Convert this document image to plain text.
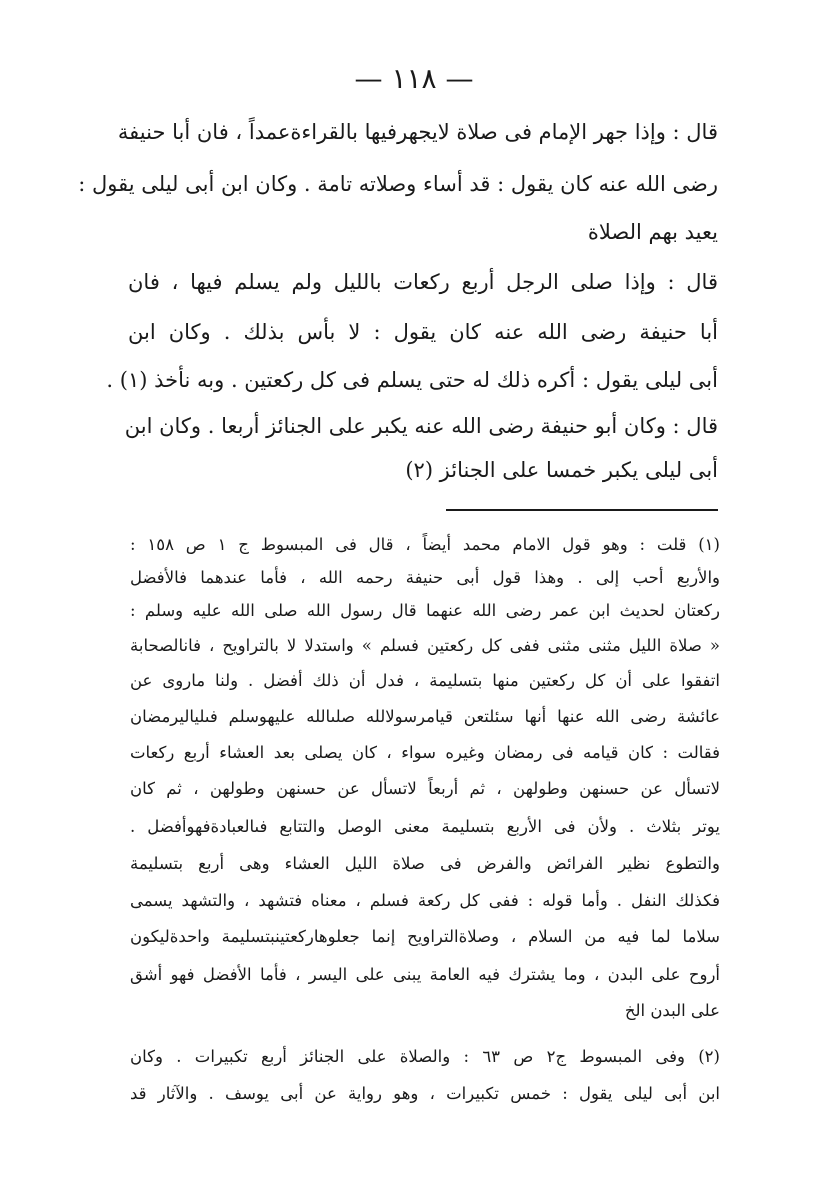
— ١١٨ —
قال : وإذا جهر الإمام فى صلاة لايجهرفيها بالقراءةعمداً ، فان أبا حنيفة
رضى الله عنه كان يقول : قد أساء وصلاته تامة . وكان ابن أبى ليلى يقول :
يعيد بهم الصلاة
قال : وإذا صلى الرجل أربع ركعات بالليل ولم يسلم فيها ، فان
أبا حنيفة رضى الله عنه كان يقول : لا بأس بذلك . وكان ابن
أبى ليلى يقول : أكره ذلك له حتى يسلم فى كل ركعتين . وبه نأخذ (١) .
قال : وكان أبو حنيفة رضى الله عنه يكبر على الجنائز أربعا . وكان ابن
أبى ليلى يكبر خمسا على الجنائز (٢)
(١) قلت : وهو قول الامام محمد أيضاً ، قال فى المبسوط ج ١ ص ١٥٨ :
والأربع أحب إلى . وهذا قول أبى حنيفة رحمه الله ، فأما عندهما فالأفضل
ركعتان لحديث ابن عمر رضى الله عنهما قال رسول الله صلى الله عليه وسلم :
« صلاة الليل مثنى مثنى ففى كل ركعتين فسلم » واستدلا لا بالتراويح ، فانالصحابة
اتفقوا على أن كل ركعتين منها بتسليمة ، فدل أن ذلك أفضل . ولنا ماروى عن
عائشة رضى الله عنها أنها سئلتعن قيامرسولالله صلىالله عليهوسلم فىلياليرمضان
فقالت : كان قيامه فى رمضان وغيره سواء ، كان يصلى بعد العشاء أربع ركعات
لاتسأل عن حسنهن وطولهن ، ثم أربعاً لاتسأل عن حسنهن وطولهن ، ثم كان
يوتر بثلاث . ولأن فى الأربع بتسليمة معنى الوصل والتتابع فىالعبادةفهوأفضل .
والتطوع نظير الفرائض والفرض فى صلاة الليل العشاء وهى أربع بتسليمة
فكذلك النفل . وأما قوله : ففى كل ركعة فسلم ، معناه فتشهد ، والتشهد يسمى
سلاما لما فيه من السلام ، وصلاةالتراويح إنما جعلوهاركعتينبتسليمة واحدةليكون
أروح على البدن ، وما يشترك فيه العامة يبنى على اليسر ، فأما الأفضل فهو أشق
على البدن الخ
(٢) وفى المبسوط ج٢ ص ٦٣ : والصلاة على الجنائز أربع تكبيرات . وكان
ابن أبى ليلى يقول : خمس تكبيرات ، وهو رواية عن أبى يوسف . والآثار قد
